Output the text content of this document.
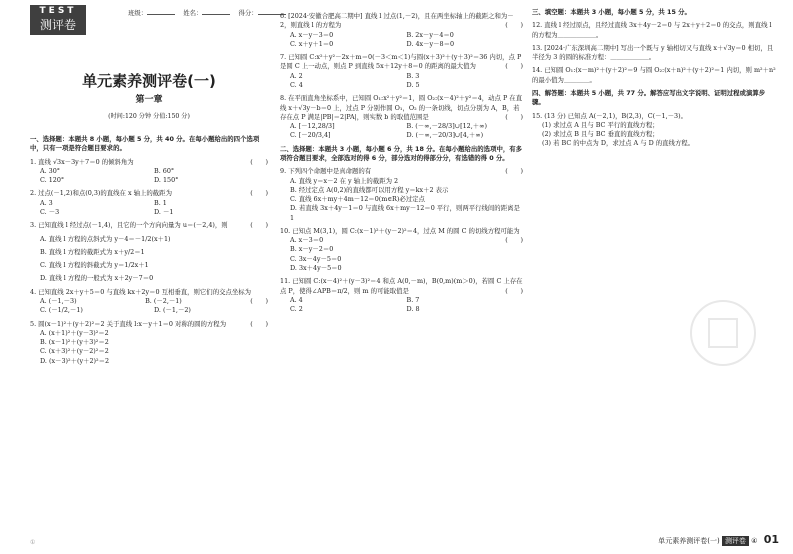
TEST
测评卷
班级：	姓名：	得分：
单元素养测评卷(一)
第一章
(时间:120 分钟 分值:150 分)
一、选择题：本题共 8 小题，每小题 5 分，共 40 分。在每小题给出的四个选项中，只有一项是符合题目要求的。
1. 直线 √3x－3y＋7＝0 的倾斜角为	(　　)
A. 30°	B. 60°
C. 120°	D. 150°
2. 过点(－1,2)和点(0,3)的直线在 x 轴上的截距为	(　　)
A. 3	B. 1
C. －3	D. －1
3. 已知直线 l 经过点(－1,4)，且它的一个方向向量为 u＝(－2,4)，则	(　　)
A. 直线 l 方程的点斜式为 y－4＝－1/2(x＋1)
B. 直线 l 方程的截距式为 x＋y/2＝1
C. 直线 l 方程的斜截式为 y＝1/2x＋1
D. 直线 l 方程的一般式为 x＋2y－7＝0
4. 已知直线 2x＋y＋5＝0 与直线 kx＋2y＝0 互相垂直，则它们的交点坐标为
(　　)
A. (－1,－3)	B. (－2,－1)
C. (－1/2,－1)	D. (－1,－2)
5. 圆(x－1)²＋(y＋2)²＝2 关于直线 l:x－y＋1＝0 对称的圆的方程为	(　　)
A. (x＋1)²＋(y－3)²＝2
B. (x－1)²＋(y＋3)²＝2
C. (x＋3)²＋(y－2)²＝2
D. (x－3)²＋(y＋2)²＝2
6. [2024·安徽合肥高二期中] 直线 l 过点(1,－2)，且在两坐标轴上的截距之和为－2，则直线 l 的方程为	(　　)
A. x－y－3＝0	B. 2x－y－4＝0
C. x＋y＋1＝0	D. 4x－y－8＝0
7. 已知圆 C:x²＋y²－2x＋m＝0(－3＜m＜1)与圆(x＋3)²＋(y＋3)²＝36 内切，点 P 是圆 C 上一动点，则点 P 到直线 5x＋12y＋8＝0 的距离的最大值为	(　　)
A. 2	B. 3
C. 4	D. 5
8. 在平面直角坐标系中，已知圆 O₁:x²＋y²＝1，圆 O₂:(x－4)²＋y²＝4，动点 P 在直线 x＋√3y－b＝0 上，过点 P 分别作圆 O₁，O₂ 的一条切线，切点分别为 A，B，若存在点 P 满足|PB|＝2|PA|，则实数 b 的取值范围是	(　　)
A. [－12,28/3]	B. (－∞,－28/3]∪[12,＋∞)
C. [－20/3,4]	D. (－∞,－20/3]∪[4,＋∞)
二、选择题：本题共 3 小题，每小题 6 分，共 18 分。在每小题给出的选项中，有多项符合题目要求，全部选对的得 6 分，部分选对的得部分分，有选错的得 0 分。
9. 下列四个命题中是真命题的有	(　　)
A. 直线 y＝x－2 在 y 轴上的截距为 2
B. 经过定点 A(0,2)的直线都可以用方程 y＝kx＋2 表示
C. 直线 6x＋my＋4m－12＝0(m∈R)必过定点
D. 若直线 3x＋4y－1＝0 与直线 6x＋my－12＝0 平行，则两平行线间的距离是 1
10. 已知点 M(3,1)，圆 C:(x－1)²＋(y－2)²＝4，过点 M 的圆 C 的切线方程可能为
(　　)
A. x－3＝0
B. x－y－2＝0
C. 3x－4y－5＝0
D. 3x＋4y－5＝0
11. 已知圆 C:(x－4)²＋(y－3)²＝4 和点 A(0,－m)，B(0,m)(m＞0)，若圆 C 上存在点 P，使得∠APB＝π/2，则 m 的可能取值是	(　　)
A. 4	B. 7
C. 2	D. 8
三、填空题：本题共 3 小题，每小题 5 分，共 15 分。
12. 直线 l 经过原点，且经过直线 3x＋4y－2＝0 与 2x＋y＋2＝0 的交点，则直线 l 的方程为＿＿＿＿＿＿。
13. [2024·广东深圳高二期中] 写出一个既与 y 轴相切又与直线 x＋√3y＝0 相切，且半径为 3 的圆的标准方程：＿＿＿＿＿＿。
14. 已知圆 O₁:(x－m)²＋(y＋2)²＝9 与圆 O₂:(x＋n)²＋(y＋2)²＝1 内切，则 m²＋n² 的最小值为＿＿＿＿。
四、解答题：本题共 5 小题，共 77 分。解答应写出文字说明、证明过程或演算步骤。
15. (13 分) 已知点 A(－2,1)，B(2,3)，C(－1,－3)。
(1) 求过点 A 且与 BC 平行的直线方程；
(2) 求过点 B 且与 BC 垂直的直线方程；
(3) 若 BC 的中点为 D，求过点 A 与 D 的直线方程。
①	单元素养测评卷(一) 测评卷 ④ 01
